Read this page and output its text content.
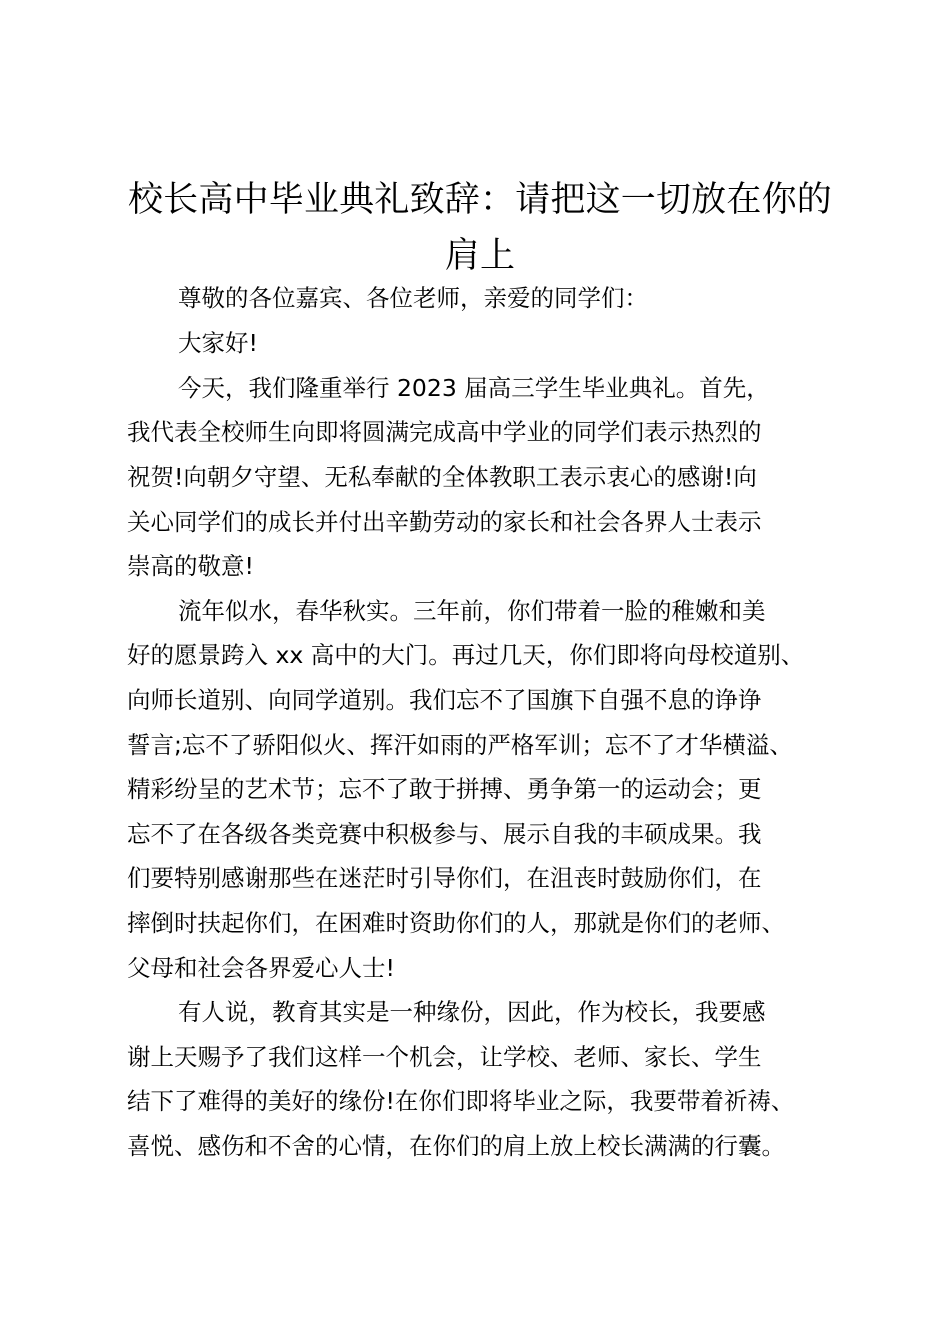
校长高中毕业典礼致辞：请把这一切放在你的
肩上
尊敬的各位嘉宾、各位老师，亲爱的同学们：
大家好!
今天，我们隆重举行 2023 届高三学生毕业典礼。首先，
我代表全校师生向即将圆满完成高中学业的同学们表示热烈的
祝贺!向朝夕守望、无私奉献的全体教职工表示衷心的感谢!向
关心同学们的成长并付出辛勤劳动的家长和社会各界人士表示
崇高的敬意!
流年似水，春华秋实。三年前，你们带着一脸的稚嫩和美
好的愿景跨入 xx 高中的大门。再过几天，你们即将向母校道别、
向师长道别、向同学道别。我们忘不了国旗下自强不息的诤诤
誓言;忘不了骄阳似火、挥汗如雨的严格军训；忘不了才华横溢、
精彩纷呈的艺术节；忘不了敢于拼搏、勇争第一的运动会；更
忘不了在各级各类竞赛中积极参与、展示自我的丰硕成果。我
们要特别感谢那些在迷茫时引导你们，在沮丧时鼓励你们，在
摔倒时扶起你们，在困难时资助你们的人，那就是你们的老师、
父母和社会各界爱心人士!
有人说，教育其实是一种缘份，因此，作为校长，我要感
谢上天赐予了我们这样一个机会，让学校、老师、家长、学生
结下了难得的美好的缘份!在你们即将毕业之际，我要带着祈祷、
喜悦、感伤和不舍的心情，在你们的肩上放上校长满满的行囊。
